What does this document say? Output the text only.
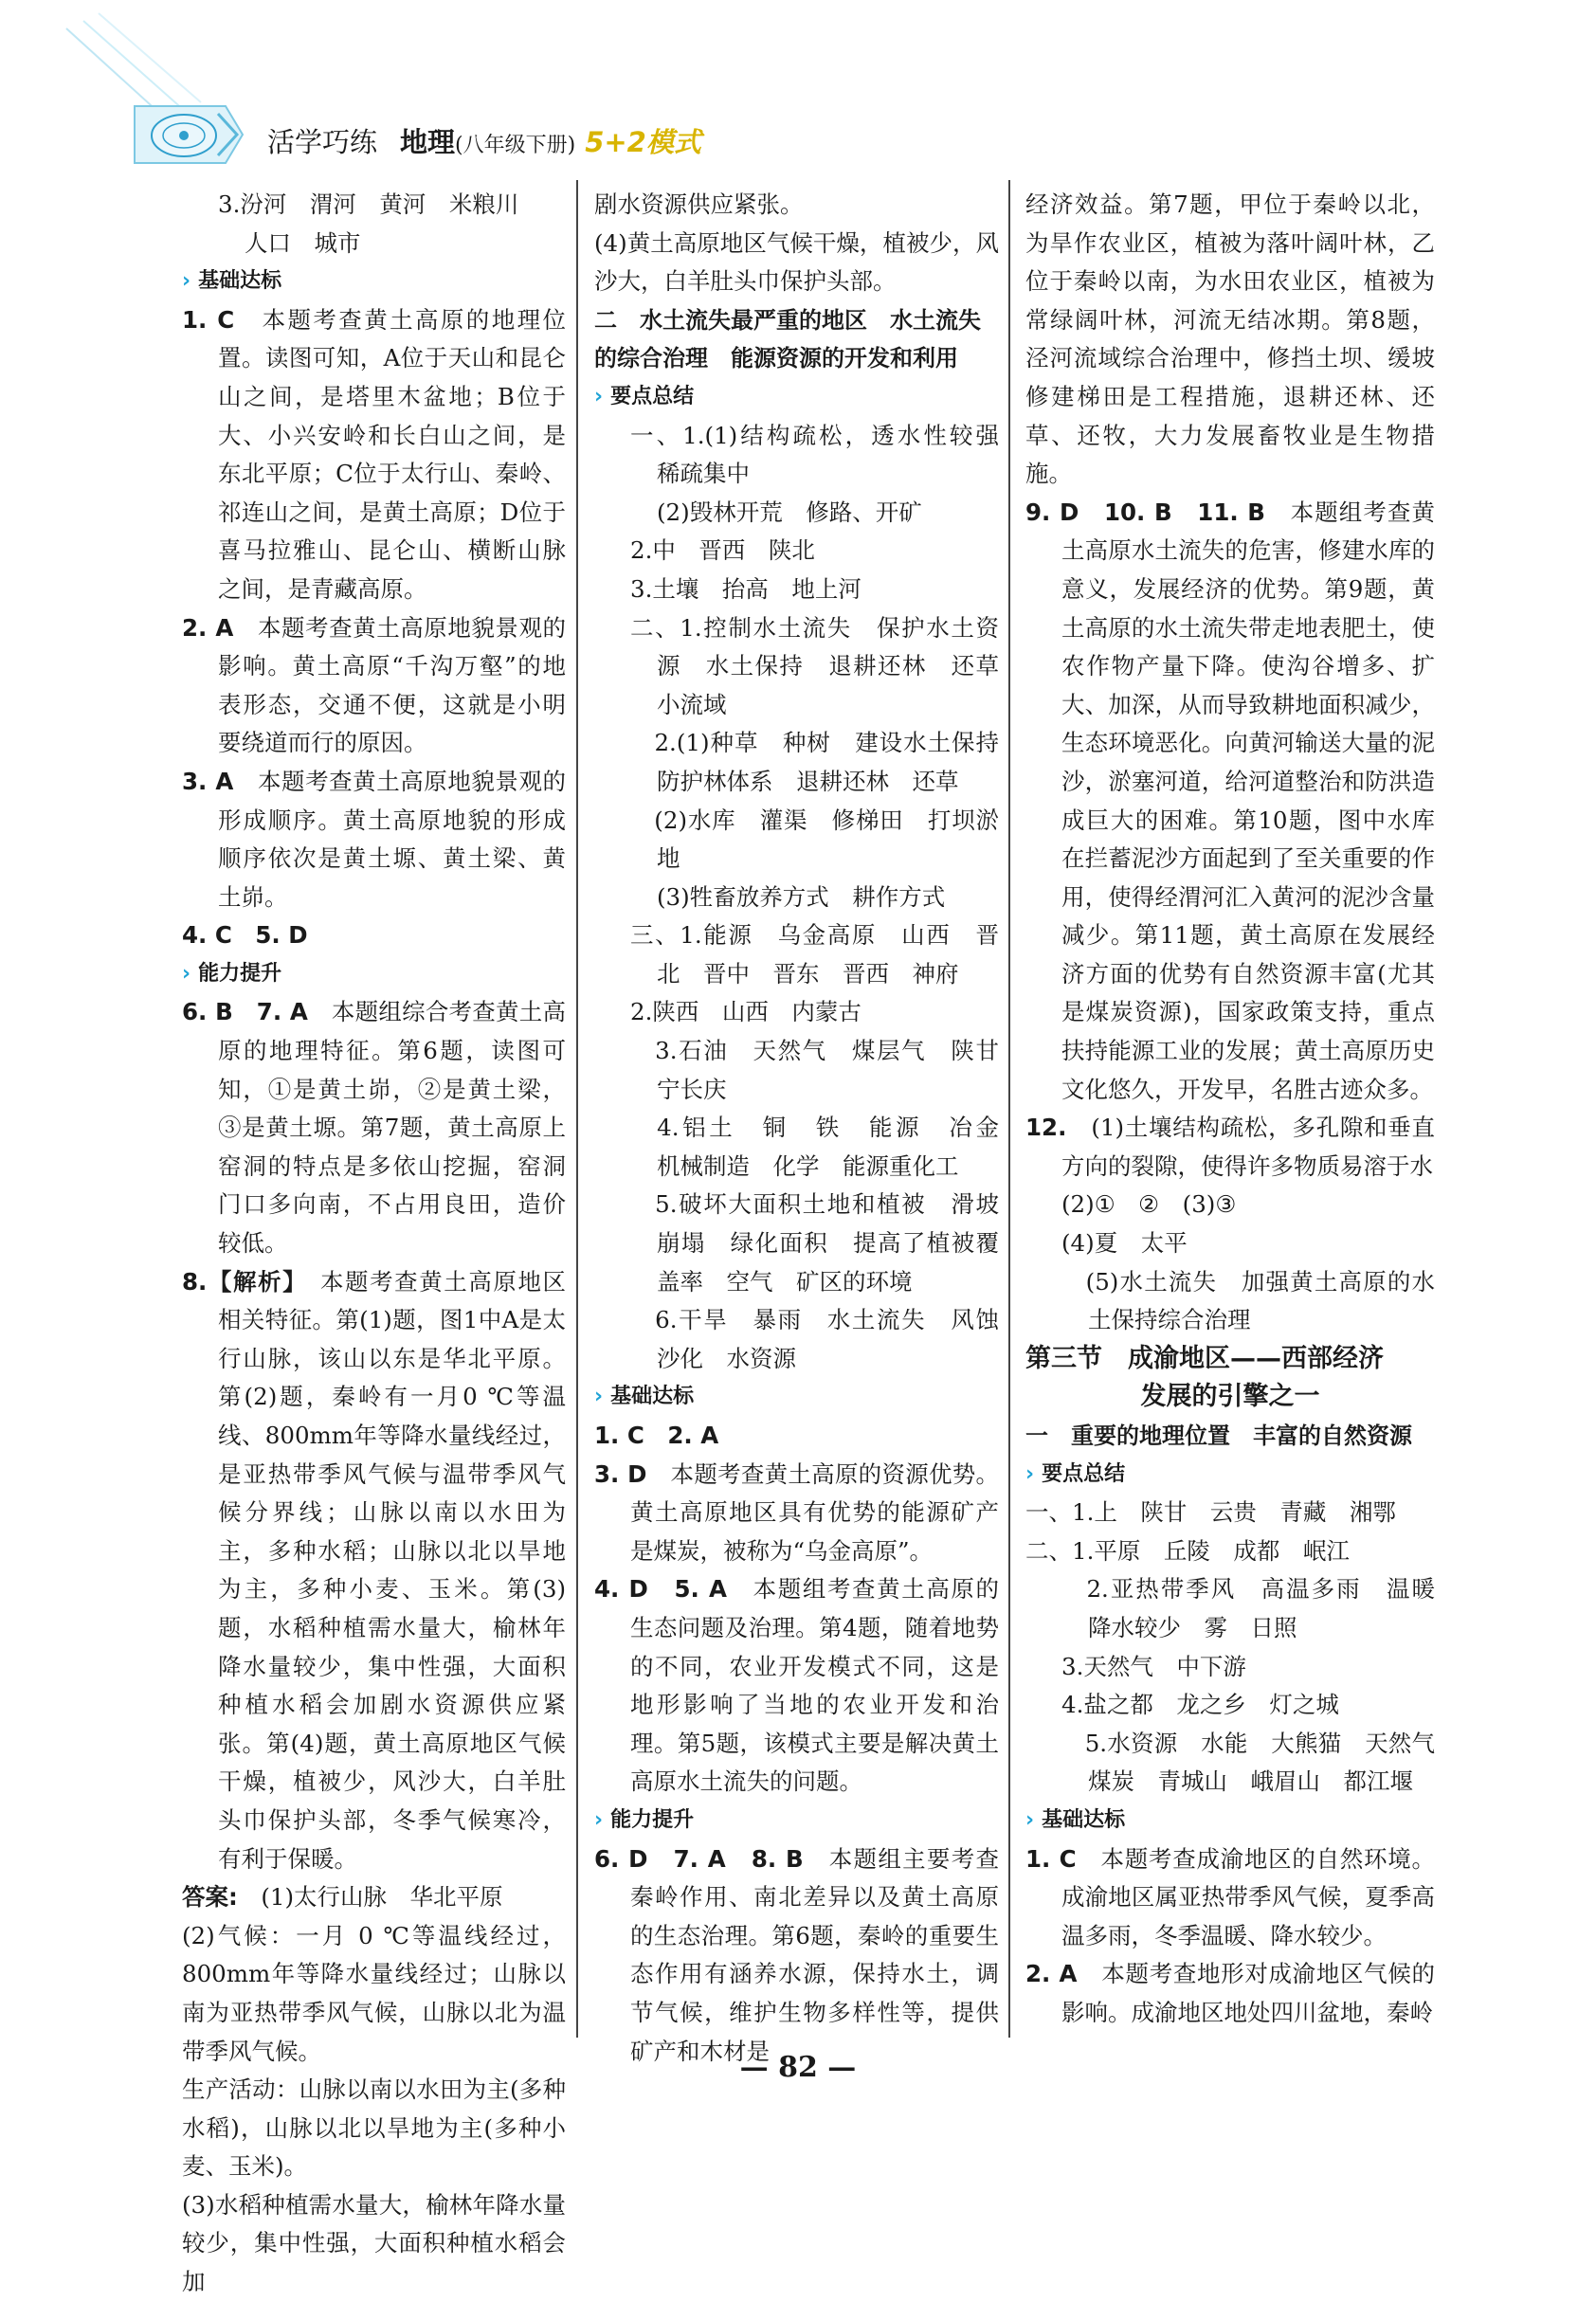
活学巧练 地理(八年级下册) 5+2模式

3.汾河　渭河　黄河　米粮川

人口　城市

› 基础达标

1. C　 本题考查黄土高原的地理位置。读图可知，A位于天山和昆仑山之间，是塔里木盆地；B位于大、小兴安岭和长白山之间，是东北平原；C位于太行山、秦岭、祁连山之间，是黄土高原；D位于喜马拉雅山、昆仑山、横断山脉之间，是青藏高原。

2. A　 本题考查黄土高原地貌景观的影响。黄土高原“千沟万壑”的地表形态，交通不便，这就是小明要绕道而行的原因。

3. A　 本题考查黄土高原地貌景观的形成顺序。黄土高原地貌的形成顺序依次是黄土塬、黄土梁、黄土峁。

4. C　5. D

› 能力提升

6. B　7. A　 本题组综合考查黄土高原的地理特征。第6题，读图可知，①是黄土峁，②是黄土梁，③是黄土塬。第7题，黄土高原上窑洞的特点是多依山挖掘，窑洞门口多向南，不占用良田，造价较低。

8.【解析】　 本题考查黄土高原地区相关特征。第(1)题，图1中A是太行山脉，该山以东是华北平原。第(2)题，秦岭有一月0 ℃等温线、800mm年等降水量线经过，是亚热带季风气候与温带季风气候分界线；山脉以南以水田为主，多种水稻；山脉以北以旱地为主，多种小麦、玉米。第(3)题，水稻种植需水量大，榆林年降水量较少，集中性强，大面积种植水稻会加剧水资源供应紧张。第(4)题，黄土高原地区气候干燥，植被少，风沙大，白羊肚头巾保护头部，冬季气候寒冷，有利于保暖。

答案:　 (1)太行山脉　华北平原

(2)气候：一月 0 ℃等温线经过，800mm年等降水量线经过；山脉以南为亚热带季风气候，山脉以北为温带季风气候。

生产活动：山脉以南以水田为主(多种水稻)，山脉以北以旱地为主(多种小麦、玉米)。

(3)水稻种植需水量大，榆林年降水量较少，集中性强，大面积种植水稻会加

剧水资源供应紧张。

(4)黄土高原地区气候干燥，植被少，风沙大，白羊肚头巾保护头部。

二　水土流失最严重的地区　水土流失的综合治理　能源资源的开发和利用

› 要点总结

一、1.(1)结构疏松，透水性较强　稀疏集中

(2)毁林开荒　修路、开矿

2.中　晋西　陕北

3.土壤　抬高　地上河

二、1.控制水土流失　保护水土资源　水土保持　退耕还林　还草　小流域

　2.(1)种草　种树　建设水土保持防护林体系　退耕还林　还草

　(2)水库　灌渠　修梯田　打坝淤地

(3)牲畜放养方式　耕作方式

三、1.能源　乌金高原　山西　晋北　晋中　晋东　晋西　神府

2.陕西　山西　内蒙古

　3.石油　天然气　煤层气　陕甘宁长庆

　4.铝土　铜　铁　能源　冶金　机械制造　化学　能源重化工

　5.破坏大面积土地和植被　滑坡　崩塌　绿化面积　提高了植被覆盖率　空气　矿区的环境

　6.干旱　暴雨　水土流失　风蚀沙化　水资源

› 基础达标

1. C　2. A

3. D　 本题考查黄土高原的资源优势。黄土高原地区具有优势的能源矿产是煤炭，被称为“乌金高原”。

4. D　5. A　 本题组考查黄土高原的生态问题及治理。第4题，随着地势的不同，农业开发模式不同，这是地形影响了当地的农业开发和治理。第5题，该模式主要是解决黄土高原水土流失的问题。

› 能力提升

6. D　7. A　8. B　 本题组主要考查秦岭作用、南北差异以及黄土高原的生态治理。第6题，秦岭的重要生态作用有涵养水源，保持水土，调节气候，维护生物多样性等，提供矿产和木材是

经济效益。第7题，甲位于秦岭以北，为旱作农业区，植被为落叶阔叶林，乙位于秦岭以南，为水田农业区，植被为常绿阔叶林，河流无结冰期。第8题，泾河流域综合治理中，修挡土坝、缓坡修建梯田是工程措施，退耕还林、还草、还牧，大力发展畜牧业是生物措施。

9. D　10. B　11. B　 本题组考查黄土高原水土流失的危害，修建水库的意义，发展经济的优势。第9题，黄土高原的水土流失带走地表肥土，使农作物产量下降。使沟谷增多、扩大、加深，从而导致耕地面积减少，生态环境恶化。向黄河输送大量的泥沙，淤塞河道，给河道整治和防洪造成巨大的困难。第10题，图中水库在拦蓄泥沙方面起到了至关重要的作用，使得经渭河汇入黄河的泥沙含量减少。第11题，黄土高原在发展经济方面的优势有自然资源丰富(尤其是煤炭资源)，国家政策支持，重点扶持能源工业的发展；黄土高原历史文化悠久，开发早，名胜古迹众多。

12.　 (1)土壤结构疏松，多孔隙和垂直方向的裂隙，使得许多物质易溶于水

(2)①　②　(3)③

(4)夏　太平

　(5)水土流失　加强黄土高原的水土保持综合治理

第三节　成渝地区——西部经济

发展的引擎之一

一　重要的地理位置　丰富的自然资源

› 要点总结

一、1.上　陕甘　云贵　青藏　湘鄂

二、1.平原　丘陵　成都　岷江

　2.亚热带季风　高温多雨　温暖　降水较少　雾　日照

3.天然气　中下游

4.盐之都　龙之乡　灯之城

　5.水资源　水能　大熊猫　天然气　煤炭　青城山　峨眉山　都江堰

› 基础达标

1. C　 本题考查成渝地区的自然环境。成渝地区属亚热带季风气候，夏季高温多雨，冬季温暖、降水较少。

2. A　 本题考查地形对成渝地区气候的影响。成渝地区地处四川盆地，秦岭

— 82 —
